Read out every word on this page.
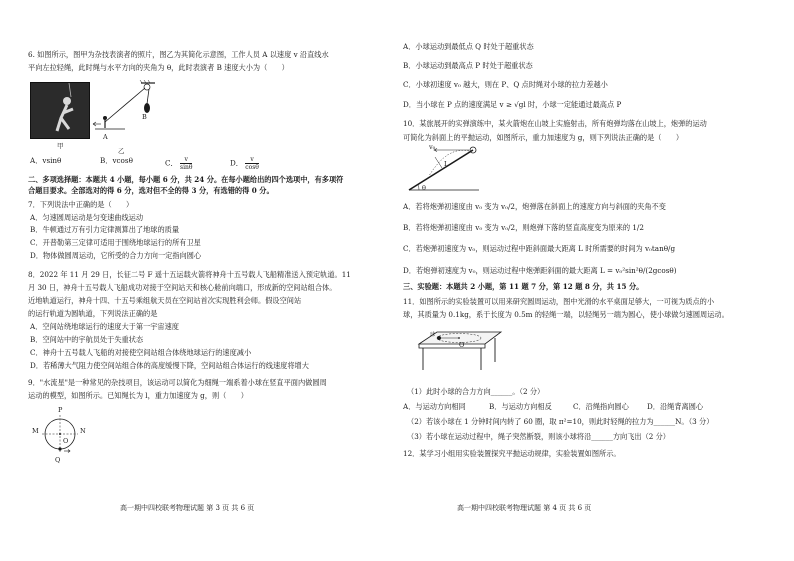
6. 如图所示，图甲为杂技表演者的照片，图乙为其简化示意图，工作人员 A 以速度 v 沿直线水
平向左拉轻绳，此时绳与水平方向的夹角为 θ，此时表演者 B 速度大小为（　　）
甲
A
B
乙
A．vsinθ	B．vcosθ	C． $\frac{v}{\sin\theta}$	D． $\frac{v}{\cos\theta}$
二、多项选择题：本题共 4 小题，每小题 6 分，共 24 分。在每小题给出的四个选项中，有多项符
合题目要求。全部选对的得 6 分，选对但不全的得 3 分，有选错的得 0 分。
7．下列说法中正确的是（　　）
A．匀速圆周运动是匀变速曲线运动
B．牛顿通过万有引力定律测算出了地球的质量
C．开普勒第三定律可适用于围绕地球运行的所有卫星
D．物体做圆周运动，它所受的合力方向一定指向圆心
8．2022 年 11 月 29 日，长征二号 F 遥十五运载火箭将神舟十五号载人飞船精准送入预定轨道。11
月 30 日，神舟十五号载人飞船成功对接于空间站天和核心舱前向端口，形成新的空间站组合体。
近地轨道运行，神舟十四、十五号乘组航天员在空间站首次实现胜利会师。假设空间站
的运行轨道为圆轨道，下列说法正确的是
A．空间站绕地球运行的速度大于第一宇宙速度
B．空间站中的宇航员处于失重状态
C．神舟十五号载人飞船的对接使空间站组合体绕地球运行的速度减小
D．若稀薄大气阻力使空间站组合体的高度缓慢下降，空间站组合体运行的线速度将增大
9．"水流星"是一种常见的杂技项目，该运动可以简化为细绳一端系着小球在竖直平面内做圆周
运动的模型，如图所示。已知绳长为 l，重力加速度为 g，则（　　）
P
M	N
O
Q
高一期中四校联考物理试题 第 3 页 共 6 页
A．小球运动到最低点 Q 时处于超重状态
B．小球运动到最高点 P 时处于超重状态
C．小球初速度 v₀ 越大，则在 P、Q 点时绳对小球的拉力差越小
D．当小球在 P 点的速度满足 v ≥ √gl 时，小球一定能通过最高点 P
10．某旅展开的实弹演练中，某火箭炮在山坡上实施射击，所有炮弹均落在山坡上，炮弹的运动
可简化为斜面上的平抛运动，如图所示，重力加速度为 g，则下列说法正确的是（　　）
v₀
L
θ
A．若将炮弹初速度由 v₀ 变为 v₀/2，炮弹落在斜面上的速度方向与斜面的夹角不变
B．若将炮弹初速度由 v₀ 变为 v₀/2，则炮弹下落的竖直高度变为原来的 1/2
C．若炮弹初速度为 v₀，则运动过程中距斜面最大距离 L 时所需要的时间为 v₀tanθ/g
D．若炮弹初速度为 v₀，则运动过程中炮弹距斜面的最大距离 L = v₀²sin²θ/(2gcosθ)
三、实验题：本题共 2 小题，第 11 题 7 分，第 12 题 8 分，共 15 分。
11．如图所示的实验装置可以用来研究圆周运动，图中光滑的水平桌面足够大，一可视为质点的小
球，其质量为 0.1kg，系于长度为 0.5m 的轻绳一端，以轻绳另一端为圆心，使小球做匀速圆周运动。
O
球
（1）此时小球的合力方向______。（2 分）
A．与运动方向相同	B．与运动方向相反	C．沿绳指向圆心	D．沿绳背离圆心
（2）若该小球在 1 分钟时间内转了 60 圈，取 π²=10，则此时轻绳的拉力为______N。（3 分）
（3）若小球在运动过程中，绳子突然断裂，则该小球将沿______方向飞出（2 分）
12．某学习小组用实验装置探究平抛运动规律，实验装置如图所示。
高一期中四校联考物理试题 第 4 页 共 6 页
